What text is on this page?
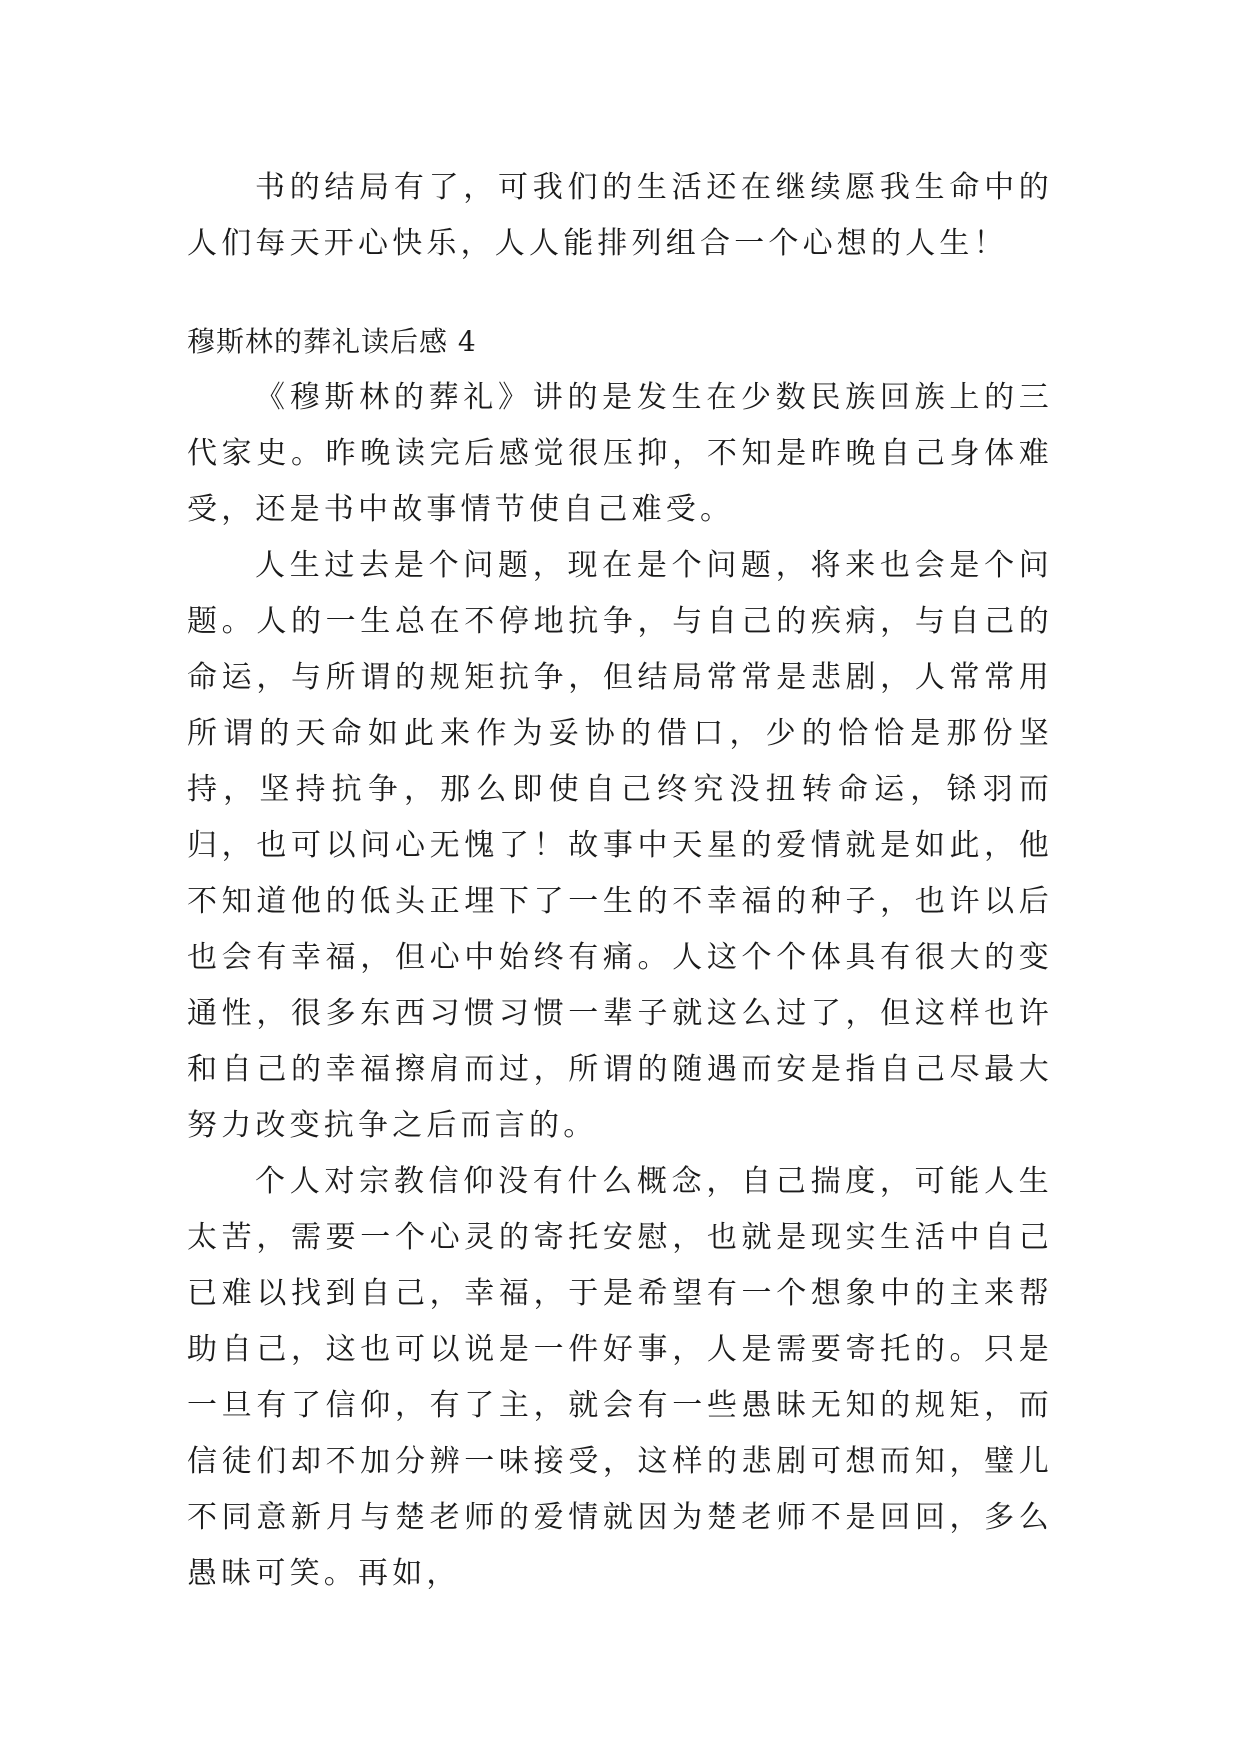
书的结局有了，可我们的生活还在继续愿我生命中的人们每天开心快乐，人人能排列组合一个心想的人生！

穆斯林的葬礼读后感 4

《穆斯林的葬礼》讲的是发生在少数民族回族上的三代家史。昨晚读完后感觉很压抑，不知是昨晚自己身体难受，还是书中故事情节使自己难受。

人生过去是个问题，现在是个问题，将来也会是个问题。人的一生总在不停地抗争，与自己的疾病，与自己的命运，与所谓的规矩抗争，但结局常常是悲剧，人常常用所谓的天命如此来作为妥协的借口，少的恰恰是那份坚持，坚持抗争，那么即使自己终究没扭转命运，铩羽而归，也可以问心无愧了！故事中天星的爱情就是如此，他不知道他的低头正埋下了一生的不幸福的种子，也许以后也会有幸福，但心中始终有痛。人这个个体具有很大的变通性，很多东西习惯习惯一辈子就这么过了，但这样也许和自己的幸福擦肩而过，所谓的随遇而安是指自己尽最大努力改变抗争之后而言的。

个人对宗教信仰没有什么概念，自己揣度，可能人生太苦，需要一个心灵的寄托安慰，也就是现实生活中自己已难以找到自己，幸福，于是希望有一个想象中的主来帮助自己，这也可以说是一件好事，人是需要寄托的。只是一旦有了信仰，有了主，就会有一些愚昧无知的规矩，而信徒们却不加分辨一味接受，这样的悲剧可想而知，璧儿不同意新月与楚老师的爱情就因为楚老师不是回回，多么愚昧可笑。再如，
